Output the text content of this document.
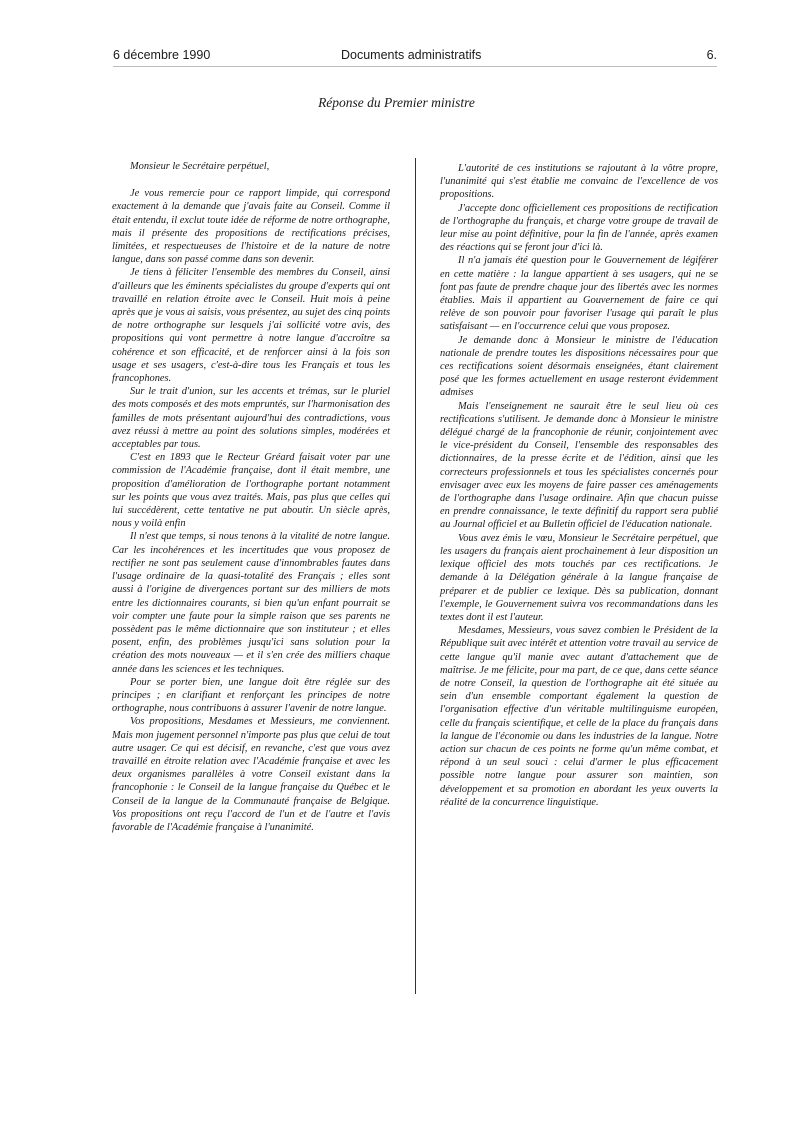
6 décembre 1990	Documents administratifs	6.
Réponse du Premier ministre

Monsieur le Secrétaire perpétuel,

Je vous remercie pour ce rapport limpide, qui correspond exactement à la demande que j'avais faite au Conseil. Comme il était entendu, il exclut toute idée de réforme de notre orthographe, mais il présente des propositions de rectifications précises, limitées, et respectueuses de l'histoire et de la nature de notre langue, dans son passé comme dans son devenir.

Je tiens à féliciter l'ensemble des membres du Conseil, ainsi d'ailleurs que les éminents spécialistes du groupe d'experts qui ont travaillé en relation étroite avec le Conseil. Huit mois à peine après que je vous ai saisis, vous présentez, au sujet des cinq points de notre orthographe sur lesquels j'ai sollicité votre avis, des propositions qui vont permettre à notre langue d'accroître sa cohérence et son efficacité, et de renforcer ainsi à la fois son usage et ses usagers, c'est-à-dire tous les Français et tous les francophones.

Sur le trait d'union, sur les accents et trémas, sur le pluriel des mots composés et des mots empruntés, sur l'harmonisation des familles de mots présentant aujourd'hui des contradictions, vous avez réussi à mettre au point des solutions simples, modérées et acceptables par tous.

C'est en 1893 que le Recteur Gréard faisait voter par une commission de l'Académie française, dont il était membre, une proposition d'amélioration de l'orthographe portant notamment sur les points que vous avez traités. Mais, pas plus que celles qui lui succédèrent, cette tentative ne put aboutir. Un siècle après, nous y voilà enfin

Il n'est que temps, si nous tenons à la vitalité de notre langue. Car les incohérences et les incertitudes que vous proposez de rectifier ne sont pas seulement cause d'innombrables fautes dans l'usage ordinaire de la quasi-totalité des Français ; elles sont aussi à l'origine de divergences portant sur des milliers de mots entre les dictionnaires courants, si bien qu'un enfant pourrait se voir compter une faute pour la simple raison que ses parents ne possèdent pas le même dictionnaire que son instituteur ; et elles posent, enfin, des problèmes jusqu'ici sans solution pour la création des mots nouveaux — et il s'en crée des milliers chaque année dans les sciences et les techniques.

Pour se porter bien, une langue doit être réglée sur des principes ; en clarifiant et renforçant les principes de notre orthographe, nous contribuons à assurer l'avenir de notre langue.

Vos propositions, Mesdames et Messieurs, me conviennent. Mais mon jugement personnel n'importe pas plus que celui de tout autre usager. Ce qui est décisif, en revanche, c'est que vous avez travaillé en étroite relation avec l'Académie française et avec les deux organismes parallèles à votre Conseil existant dans la francophonie : le Conseil de la langue française du Québec et le Conseil de la langue de la Communauté française de Belgique. Vos propositions ont reçu l'accord de l'un et de l'autre et l'avis favorable de l'Académie française à l'unanimité.

L'autorité de ces institutions se rajoutant à la vôtre propre, l'unanimité qui s'est établie me convainc de l'excellence de vos propositions.

J'accepte donc officiellement ces propositions de rectification de l'orthographe du français, et charge votre groupe de travail de leur mise au point définitive, pour la fin de l'année, après examen des réactions qui se feront jour d'ici là.

Il n'a jamais été question pour le Gouvernement de légiférer en cette matière : la langue appartient à ses usagers, qui ne se font pas faute de prendre chaque jour des libertés avec les normes établies. Mais il appartient au Gouvernement de faire ce qui relève de son pouvoir pour favoriser l'usage qui paraît le plus satisfaisant — en l'occurrence celui que vous proposez.

Je demande donc à Monsieur le ministre de l'éducation nationale de prendre toutes les dispositions nécessaires pour que ces rectifications soient désormais enseignées, étant clairement posé que les formes actuellement en usage resteront évidemment admises

Mais l'enseignement ne saurait être le seul lieu où ces rectifications s'utilisent. Je demande donc à Monsieur le ministre délégué chargé de la francophonie de réunir, conjointement avec le vice-président du Conseil, l'ensemble des responsables des dictionnaires, de la presse écrite et de l'édition, ainsi que les correcteurs professionnels et tous les spécialistes concernés pour envisager avec eux les moyens de faire passer ces aménagements de l'orthographe dans l'usage ordinaire. Afin que chacun puisse en prendre connaissance, le texte définitif du rapport sera publié au Journal officiel et au Bulletin officiel de l'éducation nationale.

Vous avez émis le vœu, Monsieur le Secrétaire perpétuel, que les usagers du français aient prochainement à leur disposition un lexique officiel des mots touchés par ces rectifications. Je demande à la Délégation générale à la langue française de préparer et de publier ce lexique. Dès sa publication, donnant l'exemple, le Gouvernement suivra vos recommandations dans les textes dont il est l'auteur.

Mesdames, Messieurs, vous savez combien le Président de la République suit avec intérêt et attention votre travail au service de cette langue qu'il manie avec autant d'attachement que de maîtrise. Je me félicite, pour ma part, de ce que, dans cette séance de notre Conseil, la question de l'orthographe ait été située au sein d'un ensemble comportant également la question de l'organisation effective d'un véritable multilinguisme européen, celle du français scientifique, et celle de la place du français dans la langue de l'économie ou dans les industries de la langue. Notre action sur chacun de ces points ne forme qu'un même combat, et répond à un seul souci : celui d'armer le plus efficacement possible notre langue pour assurer son maintien, son développement et sa promotion en abordant les yeux ouverts la réalité de la concurrence linguistique.
